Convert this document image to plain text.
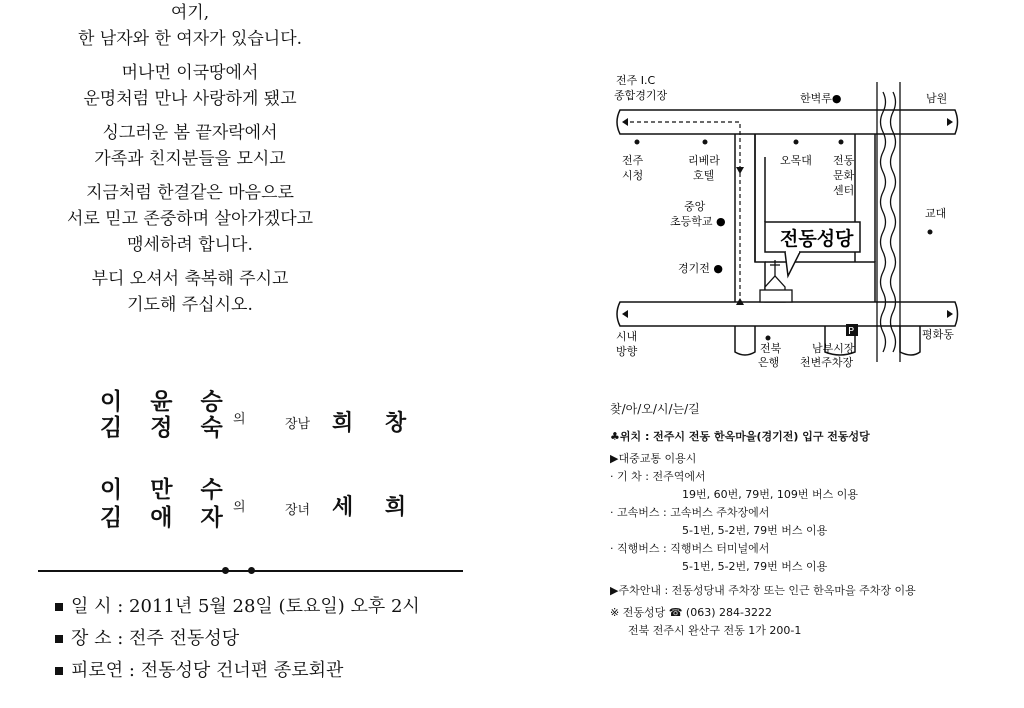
여기,
한 남자와 한 여자가 있습니다.
머나먼 이국땅에서
운명처럼 만나 사랑하게 됐고
싱그러운 봄 끝자락에서
가족과 친지분들을 모시고
지금처럼 한결같은 마음으로
서로 믿고 존중하며 살아가겠다고
맹세하려 합니다.
부디 오셔서 축복해 주시고
기도해 주십시오.
이 윤 승
김 정 숙 의	장남 희 창
이 만 수
김 애 자 의	장녀 세 희
일 시 : 2011년 5월 28일 (토요일) 오후 2시
장 소 : 전주 전동성당
피로연 : 전동성당 건너편 종로회관
전주 I.C
종합경기장	한벽루●	남원
전주
시청
리베라
호텔
오목대 전동
문화
센터
중앙
초등학교 ●
교대
전동성당
경기전 ●
시내
방향	전북
은행
P
남부시장
천변주차장
평화동
찾/아/오/시/는/길
♣위치 : 전주시 전동 한옥마을(경기전) 입구 전동성당
▶대중교통 이용시
· 기 차 : 전주역에서
19번, 60번, 79번, 109번 버스 이용
· 고속버스 : 고속버스 주차장에서
5-1번, 5-2번, 79번 버스 이용
· 직행버스 : 직행버스 터미널에서
5-1번, 5-2번, 79번 버스 이용
▶주차안내 : 전동성당내 주차장 또는 인근 한옥마을 주차장 이용
※ 전동성당 ☎ (063) 284-3222
전북 전주시 완산구 전동 1가 200-1
